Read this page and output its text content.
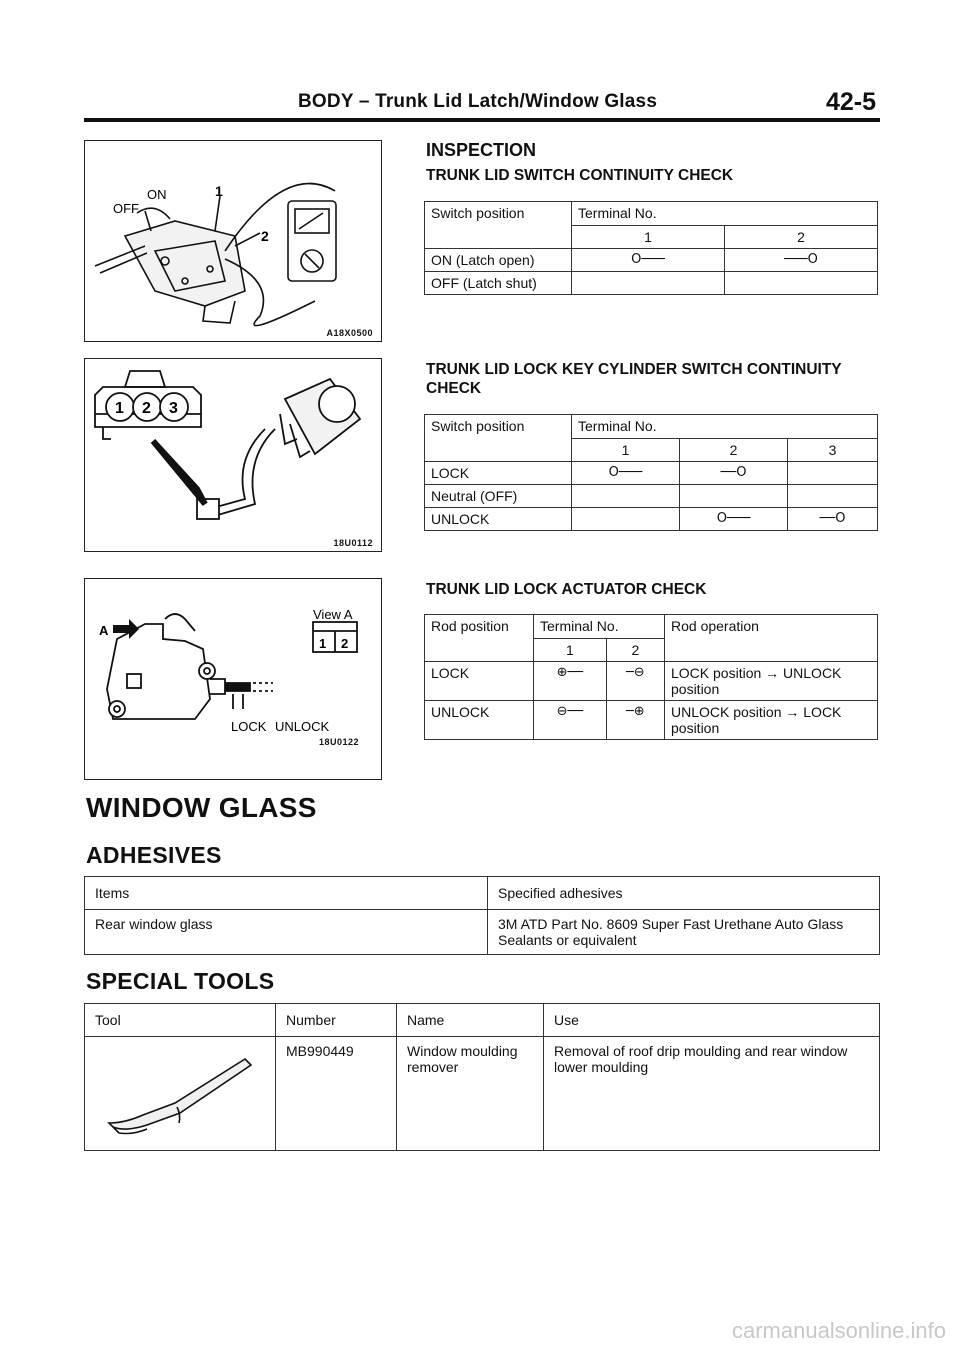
BODY – Trunk Lid Latch/Window Glass	42-5
OFF
ON	1
2
A18X0500
1 2 3
18U0112
A
View A
1 2
LOCK UNLOCK
18U0122
INSPECTION
TRUNK LID SWITCH CONTINUITY CHECK
Switch position	Terminal No.	
	1	2
ON (Latch open)	O───	───O
OFF (Latch shut)		
TRUNK LID LOCK KEY CYLINDER SWITCH CONTINUITY CHECK
Switch position	Terminal No.		
	1	2	3
LOCK	O───	──O	
Neutral (OFF)			
UNLOCK		O───	──O
TRUNK LID LOCK ACTUATOR CHECK
Rod position	Terminal No.		Rod operation
	1	2	
LOCK	⊕──	─⊖	LOCK position → UNLOCK position
UNLOCK	⊖──	─⊕	UNLOCK position → LOCK position
WINDOW GLASS
ADHESIVES
Items	Specified adhesives
Rear window glass	3M ATD Part No. 8609 Super Fast Urethane Auto Glass Sealants or equivalent
SPECIAL TOOLS
Tool	Number	Name	Use
	MB990449	Window moulding remover	Removal of roof drip moulding and rear window lower moulding
carmanualsonline.info
